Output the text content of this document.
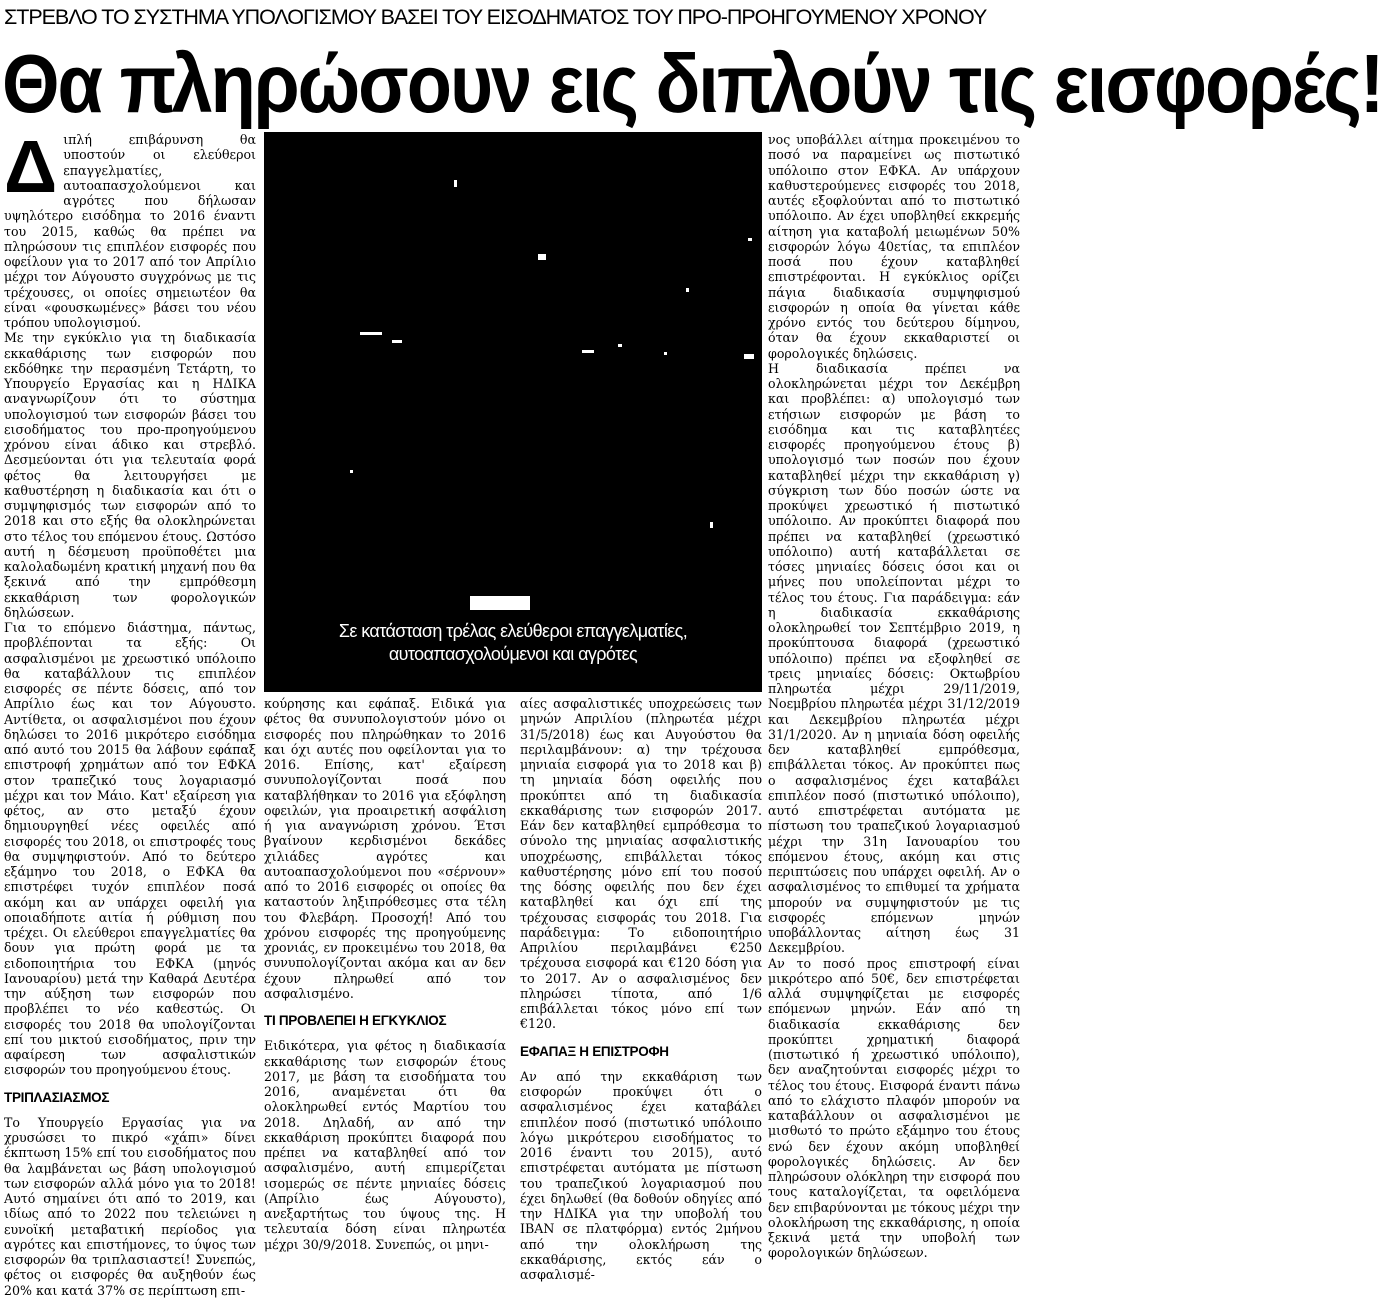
ΣΤΡΕΒΛΟ ΤΟ ΣΥΣΤΗΜΑ ΥΠΟΛΟΓΙΣΜΟΥ ΒΑΣΕΙ ΤΟΥ ΕΙΣΟΔΗΜΑΤΟΣ ΤΟΥ ΠΡΟ-ΠΡΟΗΓΟΥΜΕΝΟΥ ΧΡΟΝΟΥ
Θα πληρώσουν εις διπλούν τις εισφορές!
Δ ιπλή επιβάρυνση θα υποστούν οι ελεύθεροι επαγγελματίες, αυτοαπασχολούμενοι και αγρότες που δήλωσαν υψηλότερο εισόδημα το 2016 έναντι του 2015, καθώς θα πρέπει να πληρώσουν τις επιπλέον εισφορές που οφείλουν για το 2017 από τον Απρίλιο μέχρι τον Αύγουστο συγχρόνως με τις τρέχουσες, οι οποίες σημειωτέον θα είναι «φουσκωμένες» βάσει του νέου τρόπου υπολογισμού.

Με την εγκύκλιο για τη διαδικασία εκκαθάρισης των εισφορών που εκδόθηκε την περασμένη Τετάρτη, το Υπουργείο Εργασίας και η ΗΔΙΚΑ αναγνωρίζουν ότι το σύστημα υπολογισμού των εισφορών βάσει του εισοδήματος του προ-προηγούμενου χρόνου είναι άδικο και στρεβλό. Δεσμεύονται ότι για τελευταία φορά φέτος θα λειτουργήσει με καθυστέρηση η διαδικασία και ότι ο συμψηφισμός των εισφορών από το 2018 και στο εξής θα ολοκληρώνεται στο τέλος του επόμενου έτους. Ωστόσο αυτή η δέσμευση προϋποθέτει μια καλολαδωμένη κρατική μηχανή που θα ξεκινά από την εμπρόθεσμη εκκαθάριση των φορολογικών δηλώσεων.

Για το επόμενο διάστημα, πάντως, προβλέπονται τα εξής: Οι ασφαλισμένοι με χρεωστικό υπόλοιπο θα καταβάλλουν τις επιπλέον εισφορές σε πέντε δόσεις, από τον Απρίλιο έως και τον Αύγουστο. Αντίθετα, οι ασφαλισμένοι που έχουν δηλώσει το 2016 μικρότερο εισόδημα από αυτό του 2015 θα λάβουν εφάπαξ επιστροφή χρημάτων από τον ΕΦΚΑ στον τραπεζικό τους λογαριασμό μέχρι και τον Μάιο. Κατ' εξαίρεση για φέτος, αν στο μεταξύ έχουν δημιουργηθεί νέες οφειλές από εισφορές του 2018, οι επιστροφές τους θα συμψηφιστούν. Από το δεύτερο εξάμηνο του 2018, ο ΕΦΚΑ θα επιστρέφει τυχόν επιπλέον ποσά ακόμη και αν υπάρχει οφειλή για οποιαδήποτε αιτία ή ρύθμιση που τρέχει. Οι ελεύθεροι επαγγελματίες θα δουν για πρώτη φορά με τα ειδοποιητήρια του ΕΦΚΑ (μηνός Ιανουαρίου) μετά την Καθαρά Δευτέρα την αύξηση των εισφορών που προβλέπει το νέο καθεστώς. Οι εισφορές του 2018 θα υπολογίζονται επί του μικτού εισοδήματος, πριν την αφαίρεση των ασφαλιστικών εισφορών του προηγούμενου έτους.

ΤΡΙΠΛΑΣΙΑΣΜΟΣ

Το Υπουργείο Εργασίας για να χρυσώσει το πικρό «χάπι» δίνει έκπτωση 15% επί του εισοδήματος που θα λαμβάνεται ως βάση υπολογισμού των εισφορών αλλά μόνο για το 2018! Αυτό σημαίνει ότι από το 2019, και ιδίως από το 2022 που τελειώνει η ευνοϊκή μεταβατική περίοδος για αγρότες και επιστήμονες, το ύψος των εισφορών θα τριπλασιαστεί! Συνεπώς, φέτος οι εισφορές θα αυξηθούν έως 20% και κατά 37% σε περίπτωση επι-

Σε κατάσταση τρέλας ελεύθεροι επαγγελματίες,
αυτοαπασχολούμενοι και αγρότες

κούρησης και εφάπαξ. Ειδικά για φέτος θα συνυπολογιστούν μόνο οι εισφορές που πληρώθηκαν το 2016 και όχι αυτές που οφείλονται για το 2016. Επίσης, κατ' εξαίρεση συνυπολογίζονται ποσά που καταβλήθηκαν το 2016 για εξόφληση οφειλών, για προαιρετική ασφάλιση ή για αναγνώριση χρόνου. Έτσι βγαίνουν κερδισμένοι δεκάδες χιλιάδες αγρότες και αυτοαπασχολούμενοι που «σέρνουν» από το 2016 εισφορές οι οποίες θα καταστούν ληξιπρόθεσμες στα τέλη του Φλεβάρη. Προσοχή! Από του χρόνου εισφορές της προηγούμενης χρονιάς, εν προκειμένω του 2018, θα συνυπολογίζονται ακόμα και αν δεν έχουν πληρωθεί από τον ασφαλισμένο.

ΤΙ ΠΡΟΒΛΕΠΕΙ Η ΕΓΚΥΚΛΙΟΣ

Ειδικότερα, για φέτος η διαδικασία εκκαθάρισης των εισφορών έτους 2017, με βάση τα εισοδήματα του 2016, αναμένεται ότι θα ολοκληρωθεί εντός Μαρτίου του 2018. Δηλαδή, αν από την εκκαθάριση προκύπτει διαφορά που πρέπει να καταβληθεί από τον ασφαλισμένο, αυτή επιμερίζεται ισομερώς σε πέντε μηνιαίες δόσεις (Απρίλιο έως Αύγουστο), ανεξαρτήτως του ύψους της. Η τελευταία δόση είναι πληρωτέα μέχρι 30/9/2018. Συνεπώς, οι μηνι-

αίες ασφαλιστικές υποχρεώσεις των μηνών Απριλίου (πληρωτέα μέχρι 31/5/2018) έως και Αυγούστου θα περιλαμβάνουν: α) την τρέχουσα μηνιαία εισφορά για το 2018 και β) τη μηνιαία δόση οφειλής που προκύπτει από τη διαδικασία εκκαθάρισης των εισφορών 2017. Εάν δεν καταβληθεί εμπρόθεσμα το σύνολο της μηνιαίας ασφαλιστικής υποχρέωσης, επιβάλλεται τόκος καθυστέρησης μόνο επί του ποσού της δόσης οφειλής που δεν έχει καταβληθεί και όχι επί της τρέχουσας εισφοράς του 2018. Για παράδειγμα: Το ειδοποιητήριο Απριλίου περιλαμβάνει €250 τρέχουσα εισφορά και €120 δόση για το 2017. Αν ο ασφαλισμένος δεν πληρώσει τίποτα, από 1/6 επιβάλλεται τόκος μόνο επί των €120.

ΕΦΑΠΑΞ Η ΕΠΙΣΤΡΟΦΗ

Αν από την εκκαθάριση των εισφορών προκύψει ότι ο ασφαλισμένος έχει καταβάλει επιπλέον ποσό (πιστωτικό υπόλοιπο λόγω μικρότερου εισοδήματος το 2016 έναντι του 2015), αυτό επιστρέφεται αυτόματα με πίστωση του τραπεζικού λογαριασμού που έχει δηλωθεί (θα δοθούν οδηγίες από την ΗΔΙΚΑ για την υποβολή του IBAN σε πλατφόρμα) εντός 2μήνου από την ολοκλήρωση της εκκαθάρισης, εκτός εάν ο ασφαλισμέ-

νος υποβάλλει αίτημα προκειμένου το ποσό να παραμείνει ως πιστωτικό υπόλοιπο στον ΕΦΚΑ. Αν υπάρχουν καθυστερούμενες εισφορές του 2018, αυτές εξοφλούνται από το πιστωτικό υπόλοιπο. Αν έχει υποβληθεί εκκρεμής αίτηση για καταβολή μειωμένων 50% εισφορών λόγω 40ετίας, τα επιπλέον ποσά που έχουν καταβληθεί επιστρέφονται. Η εγκύκλιος ορίζει πάγια διαδικασία συμψηφισμού εισφορών η οποία θα γίνεται κάθε χρόνο εντός του δεύτερου δίμηνου, όταν θα έχουν εκκαθαριστεί οι φορολογικές δηλώσεις.

Η διαδικασία πρέπει να ολοκληρώνεται μέχρι τον Δεκέμβρη και προβλέπει: α) υπολογισμό των ετήσιων εισφορών με βάση το εισόδημα και τις καταβλητέες εισφορές προηγούμενου έτους β) υπολογισμό των ποσών που έχουν καταβληθεί μέχρι την εκκαθάριση γ) σύγκριση των δύο ποσών ώστε να προκύψει χρεωστικό ή πιστωτικό υπόλοιπο. Αν προκύπτει διαφορά που πρέπει να καταβληθεί (χρεωστικό υπόλοιπο) αυτή καταβάλλεται σε τόσες μηνιαίες δόσεις όσοι και οι μήνες που υπολείπονται μέχρι το τέλος του έτους. Για παράδειγμα: εάν η διαδικασία εκκαθάρισης ολοκληρωθεί τον Σεπτέμβριο 2019, η προκύπτουσα διαφορά (χρεωστικό υπόλοιπο) πρέπει να εξοφληθεί σε τρεις μηνιαίες δόσεις: Οκτωβρίου πληρωτέα μέχρι 29/11/2019, Νοεμβρίου πληρωτέα μέχρι 31/12/2019 και Δεκεμβρίου πληρωτέα μέχρι 31/1/2020. Αν η μηνιαία δόση οφειλής δεν καταβληθεί εμπρόθεσμα, επιβάλλεται τόκος. Αν προκύπτει πως ο ασφαλισμένος έχει καταβάλει επιπλέον ποσό (πιστωτικό υπόλοιπο), αυτό επιστρέφεται αυτόματα με πίστωση του τραπεζικού λογαριασμού μέχρι την 31η Ιανουαρίου του επόμενου έτους, ακόμη και στις περιπτώσεις που υπάρχει οφειλή. Αν ο ασφαλισμένος το επιθυμεί τα χρήματα μπορούν να συμψηφιστούν με τις εισφορές επόμενων μηνών υποβάλλοντας αίτηση έως 31 Δεκεμβρίου.

Αν το ποσό προς επιστροφή είναι μικρότερο από 50€, δεν επιστρέφεται αλλά συμψηφίζεται με εισφορές επόμενων μηνών. Εάν από τη διαδικασία εκκαθάρισης δεν προκύπτει χρηματική διαφορά (πιστωτικό ή χρεωστικό υπόλοιπο), δεν αναζητούνται εισφορές μέχρι το τέλος του έτους. Εισφορά έναντι πάνω από το ελάχιστο πλαφόν μπορούν να καταβάλλουν οι ασφαλισμένοι με μισθωτό το πρώτο εξάμηνο του έτους ενώ δεν έχουν ακόμη υποβληθεί φορολογικές δηλώσεις. Αν δεν πληρώσουν ολόκληρη την εισφορά που τους καταλογίζεται, τα οφειλόμενα δεν επιβαρύνονται με τόκους μέχρι την ολοκλήρωση της εκκαθάρισης, η οποία ξεκινά μετά την υποβολή των φορολογικών δηλώσεων.
